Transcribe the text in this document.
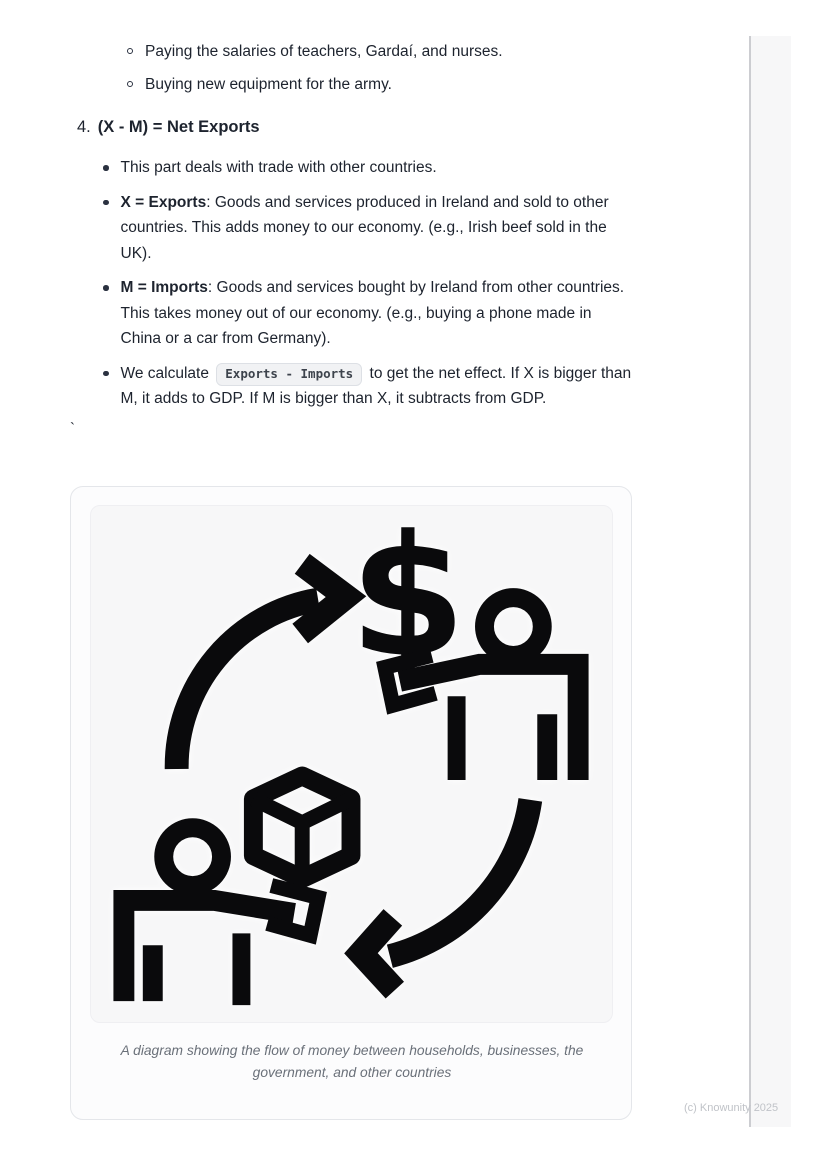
Paying the salaries of teachers, Gardaí, and nurses.
Buying new equipment for the army.
4. (X - M) = Net Exports
This part deals with trade with other countries.
X = Exports: Goods and services produced in Ireland and sold to other countries. This adds money to our economy. (e.g., Irish beef sold in the UK).
M = Imports: Goods and services bought by Ireland from other countries. This takes money out of our economy. (e.g., buying a phone made in China or a car from Germany).
We calculate Exports - Imports to get the net effect. If X is bigger than M, it adds to GDP. If M is bigger than X, it subtracts from GDP.
`
$
A diagram showing the flow of money between households, businesses, the government, and other countries
(c) Knowunity 2025
